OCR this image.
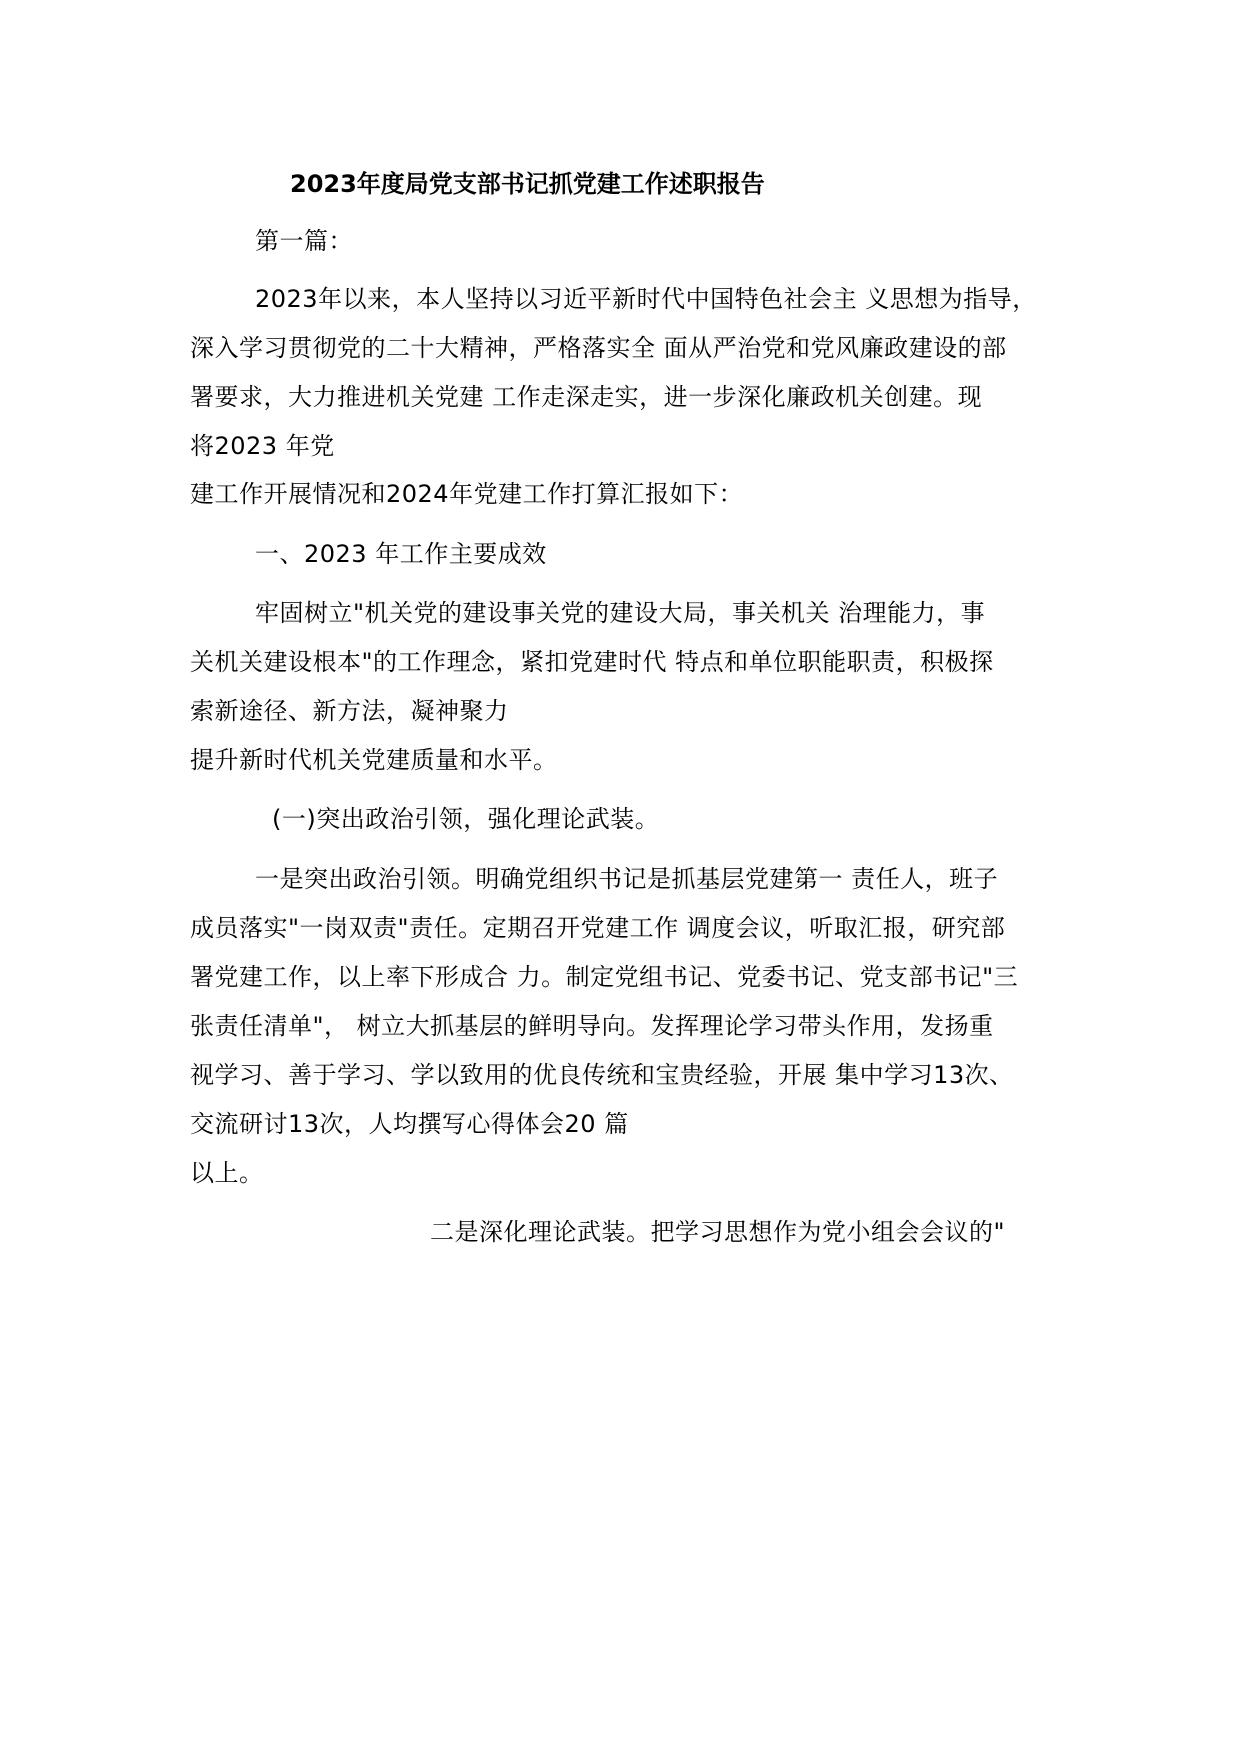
2023年度局党支部书记抓党建工作述职报告
第一篇：
2023年以来，本人坚持以习近平新时代中国特色社会主 义思想为指导，
深入学习贯彻党的二十大精神，严格落实全 面从严治党和党风廉政建设的部
署要求，大力推进机关党建 工作走深走实，进一步深化廉政机关创建。现
将2023 年党
建工作开展情况和2024年党建工作打算汇报如下：
一、2023 年工作主要成效
牢固树立"机关党的建设事关党的建设大局，事关机关 治理能力，事
关机关建设根本"的工作理念，紧扣党建时代 特点和单位职能职责，积极探
索新途径、新方法，凝神聚力
提升新时代机关党建质量和水平。
(一)突出政治引领，强化理论武装。
一是突出政治引领。明确党组织书记是抓基层党建第一 责任人，班子
成员落实"一岗双责"责任。定期召开党建工作 调度会议，听取汇报，研究部
署党建工作，以上率下形成合 力。制定党组书记、党委书记、党支部书记"三
张责任清单"， 树立大抓基层的鲜明导向。发挥理论学习带头作用，发扬重
视学习、善于学习、学以致用的优良传统和宝贵经验，开展 集中学习13次、
交流研讨13次，人均撰写心得体会20 篇
以上。
二是深化理论武装。把学习思想作为党小组会会议的"
